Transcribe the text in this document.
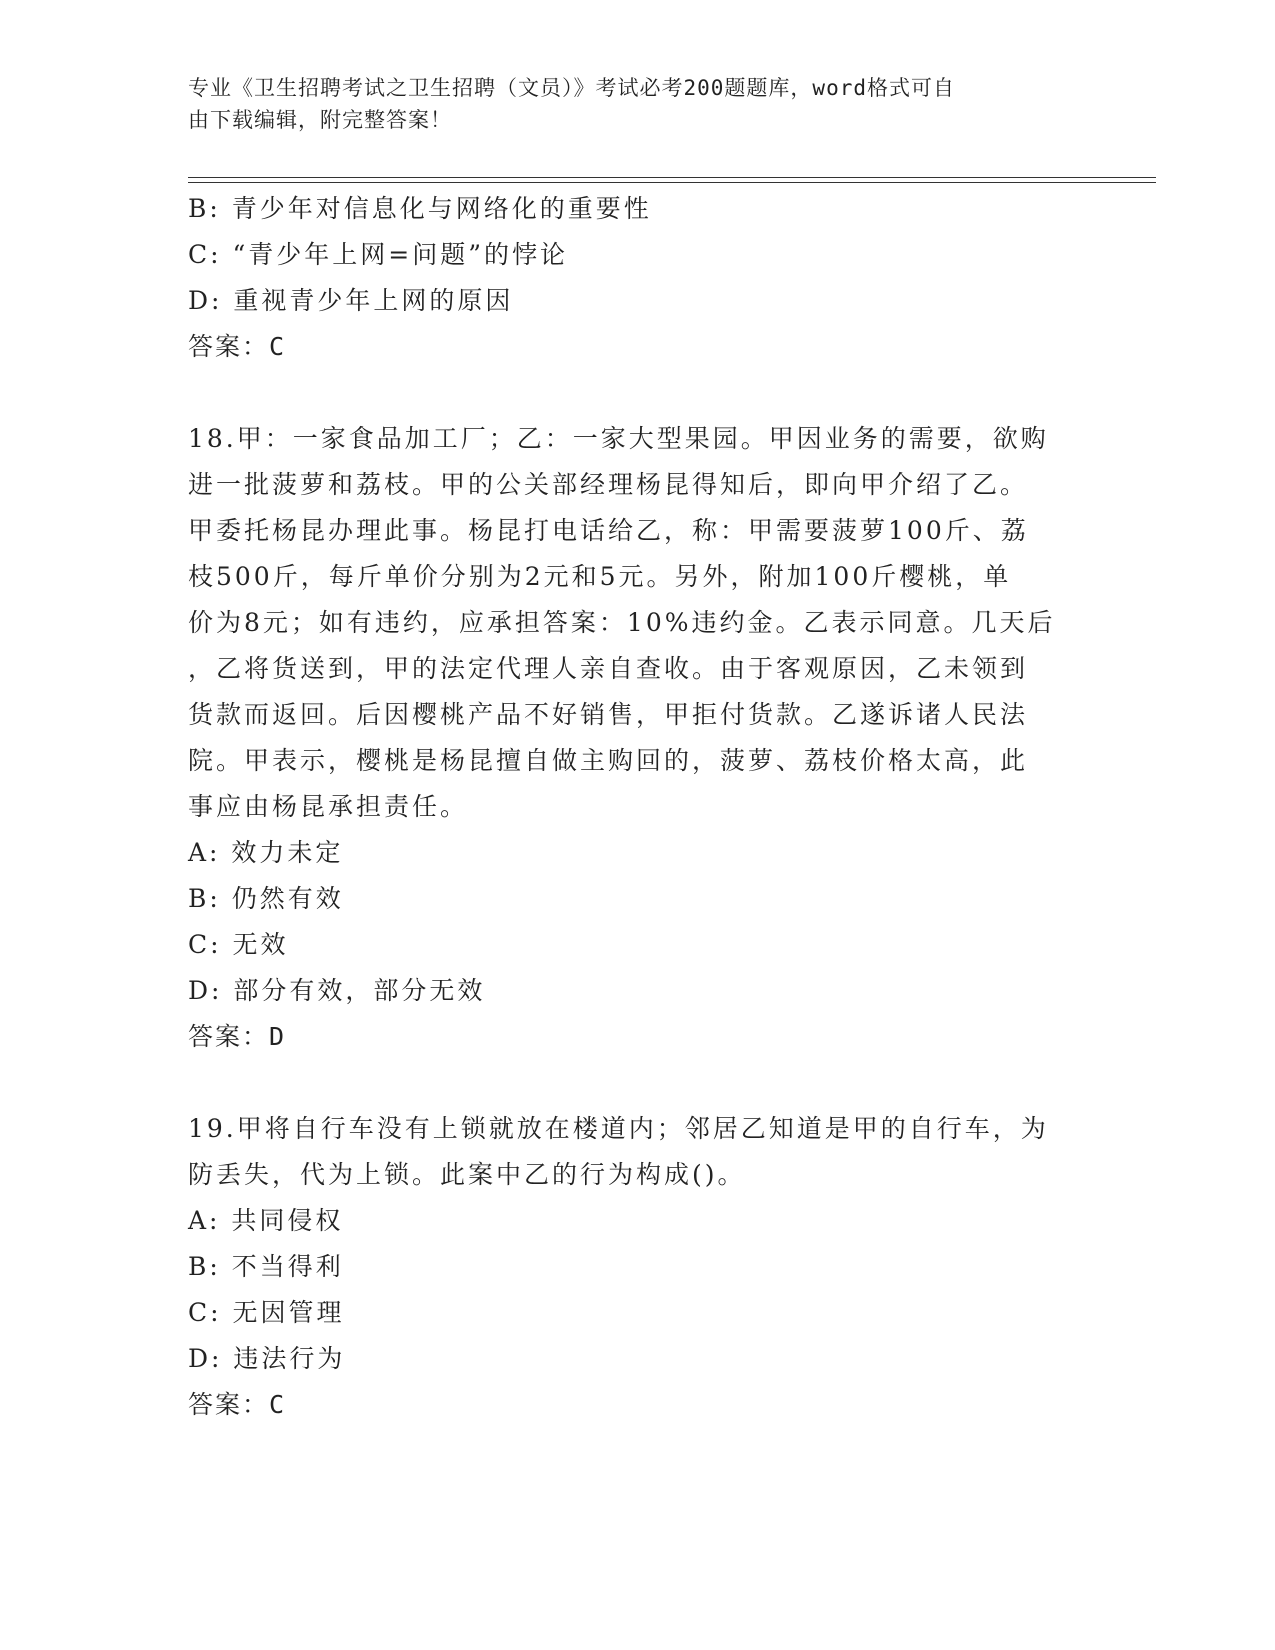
专业《卫生招聘考试之卫生招聘（文员）》考试必考200题题库，word格式可自
由下载编辑，附完整答案！
B: 青少年对信息化与网络化的重要性
C: “青少年上网=问题”的悖论
D: 重视青少年上网的原因
答案：C
18.甲：一家食品加工厂；乙：一家大型果园。甲因业务的需要，欲购
进一批菠萝和荔枝。甲的公关部经理杨昆得知后，即向甲介绍了乙。
甲委托杨昆办理此事。杨昆打电话给乙，称：甲需要菠萝100斤、荔
枝500斤，每斤单价分别为2元和5元。另外，附加100斤樱桃，单
价为8元；如有违约，应承担答案：10%违约金。乙表示同意。几天后
，乙将货送到，甲的法定代理人亲自查收。由于客观原因，乙未领到
货款而返回。后因樱桃产品不好销售，甲拒付货款。乙遂诉诸人民法
院。甲表示，樱桃是杨昆擅自做主购回的，菠萝、荔枝价格太高，此
事应由杨昆承担责任。
A: 效力未定
B: 仍然有效
C: 无效
D: 部分有效，部分无效
答案：D
19.甲将自行车没有上锁就放在楼道内；邻居乙知道是甲的自行车，为
防丢失，代为上锁。此案中乙的行为构成()。
A: 共同侵权
B: 不当得利
C: 无因管理
D: 违法行为
答案：C
